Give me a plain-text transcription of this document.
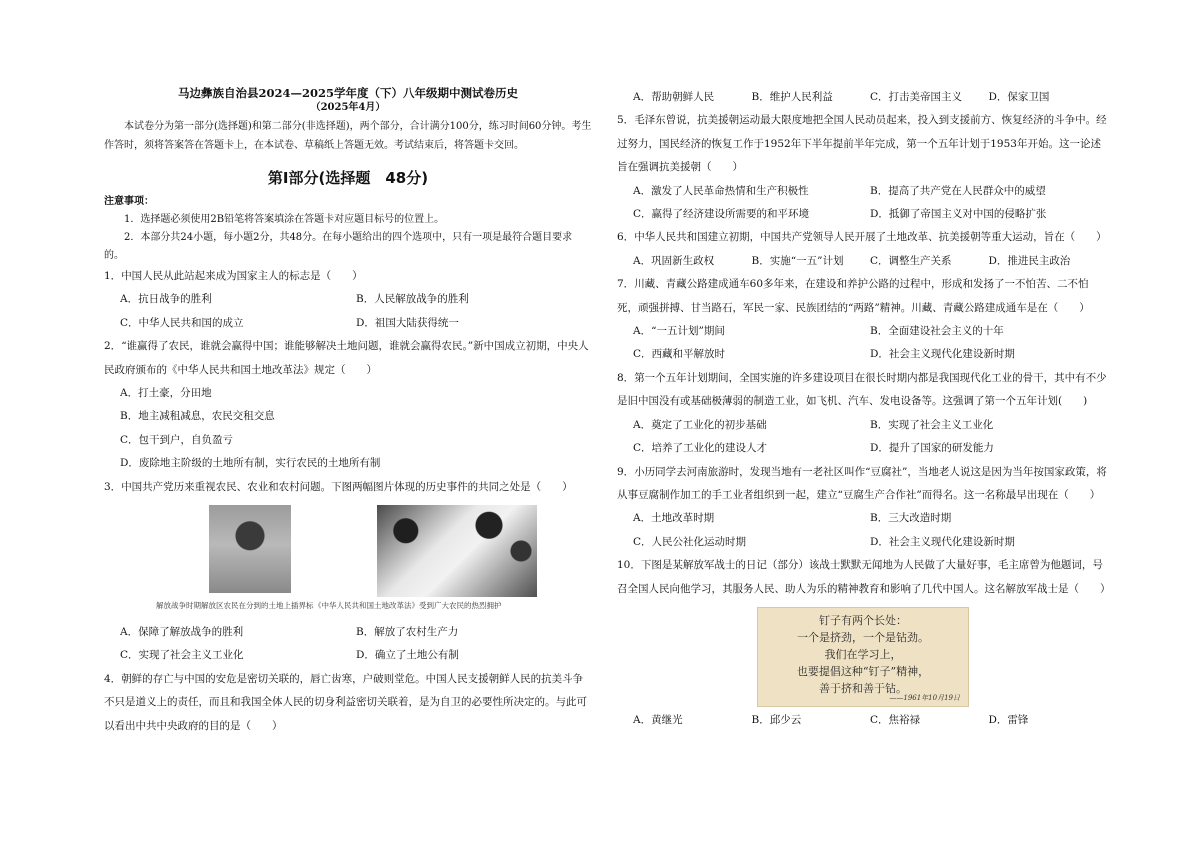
马边彝族自治县2024—2025学年度（下）八年级期中测试卷历史
（2025年4月）
本试卷分为第一部分(选择题)和第二部分(非选择题)，两个部分，合计满分100分，练习时间60分钟。考生作答时，须将答案答在答题卡上，在本试卷、草稿纸上答题无效。考试结束后，将答题卡交回。
第Ⅰ部分(选择题　48分)
注意事项：
1．选择题必须使用2B铅笔将答案填涂在答题卡对应题目标号的位置上。
2．本部分共24小题，每小题2分，共48分。在每小题给出的四个选项中，只有一项是最符合题目要求的。
1．中国人民从此站起来成为国家主人的标志是（　　）
A．抗日战争的胜利	B．人民解放战争的胜利
C．中华人民共和国的成立	D．祖国大陆获得统一
2．“谁赢得了农民，谁就会赢得中国；谁能够解决土地问题，谁就会赢得农民。”新中国成立初期，中央人民政府颁布的《中华人民共和国土地改革法》规定（　　）
A．打土豪，分田地
B．地主减租减息，农民交租交息
C．包干到户，自负盈亏
D．废除地主阶级的土地所有制，实行农民的土地所有制
3．中国共产党历来重视农民、农业和农村问题。下图两幅图片体现的历史事件的共同之处是（　　）
解放战争时期解放区农民在分到的土地上插界标 《中华人民共和国土地改革法》受到广大农民的热烈拥护
A．保障了解放战争的胜利	B．解放了农村生产力
C．实现了社会主义工业化	D．确立了土地公有制
4．朝鲜的存亡与中国的安危是密切关联的，唇亡齿寒，户破则堂危。中国人民支援朝鲜人民的抗美斗争不只是道义上的责任，而且和我国全体人民的切身利益密切关联着，是为自卫的必要性所决定的。与此可以看出中共中央政府的目的是（　　）
A．帮助朝鲜人民	B．维护人民利益	C．打击美帝国主义	D．保家卫国
5．毛泽东曾说，抗美援朝运动最大限度地把全国人民动员起来，投入到支援前方、恢复经济的斗争中。经过努力，国民经济的恢复工作于1952年下半年提前半年完成，第一个五年计划于1953年开始。这一论述旨在强调抗美援朝（　　）
A．激发了人民革命热情和生产积极性	B．提高了共产党在人民群众中的威望
C．赢得了经济建设所需要的和平环境	D．抵御了帝国主义对中国的侵略扩张
6．中华人民共和国建立初期，中国共产党领导人民开展了土地改革、抗美援朝等重大运动，旨在（　　）
A．巩固新生政权	B．实施“一五”计划	C．调整生产关系	D．推进民主政治
7．川藏、青藏公路建成通车60多年来，在建设和养护公路的过程中，形成和发扬了一不怕苦、二不怕死，顽强拼搏、甘当路石，军民一家、民族团结的“两路”精神。川藏、青藏公路建成通车是在（　　）
A．“一五计划”期间	B．全面建设社会主义的十年
C．西藏和平解放时	D．社会主义现代化建设新时期
8．第一个五年计划期间，全国实施的许多建设项目在很长时期内都是我国现代化工业的骨干，其中有不少是旧中国没有或基础极薄弱的制造工业，如飞机、汽车、发电设备等。这强调了第一个五年计划(　　)
A．奠定了工业化的初步基础	B．实现了社会主义工业化
C．培养了工业化的建设人才	D．提升了国家的研发能力
9．小历同学去河南旅游时，发现当地有一老社区叫作“豆腐社”，当地老人说这是因为当年按国家政策，将从事豆腐制作加工的手工业者组织到一起，建立“豆腐生产合作社”而得名。这一名称最早出现在（　　）
A．土地改革时期	B．三大改造时期
C．人民公社化运动时期	D．社会主义现代化建设新时期
10．下图是某解放军战士的日记（部分）该战士默默无闻地为人民做了大量好事，毛主席曾为他题词，号召全国人民向他学习，其服务人民、助人为乐的精神教育和影响了几代中国人。这名解放军战士是（　　）
钉子有两个长处：
一个是挤劲，一个是钻劲。
我们在学习上，
也要提倡这种“钉子”精神，
善于挤和善于钻。
——1961年10月19日
A．黄继光	B．邱少云	C．焦裕禄	D．雷锋
